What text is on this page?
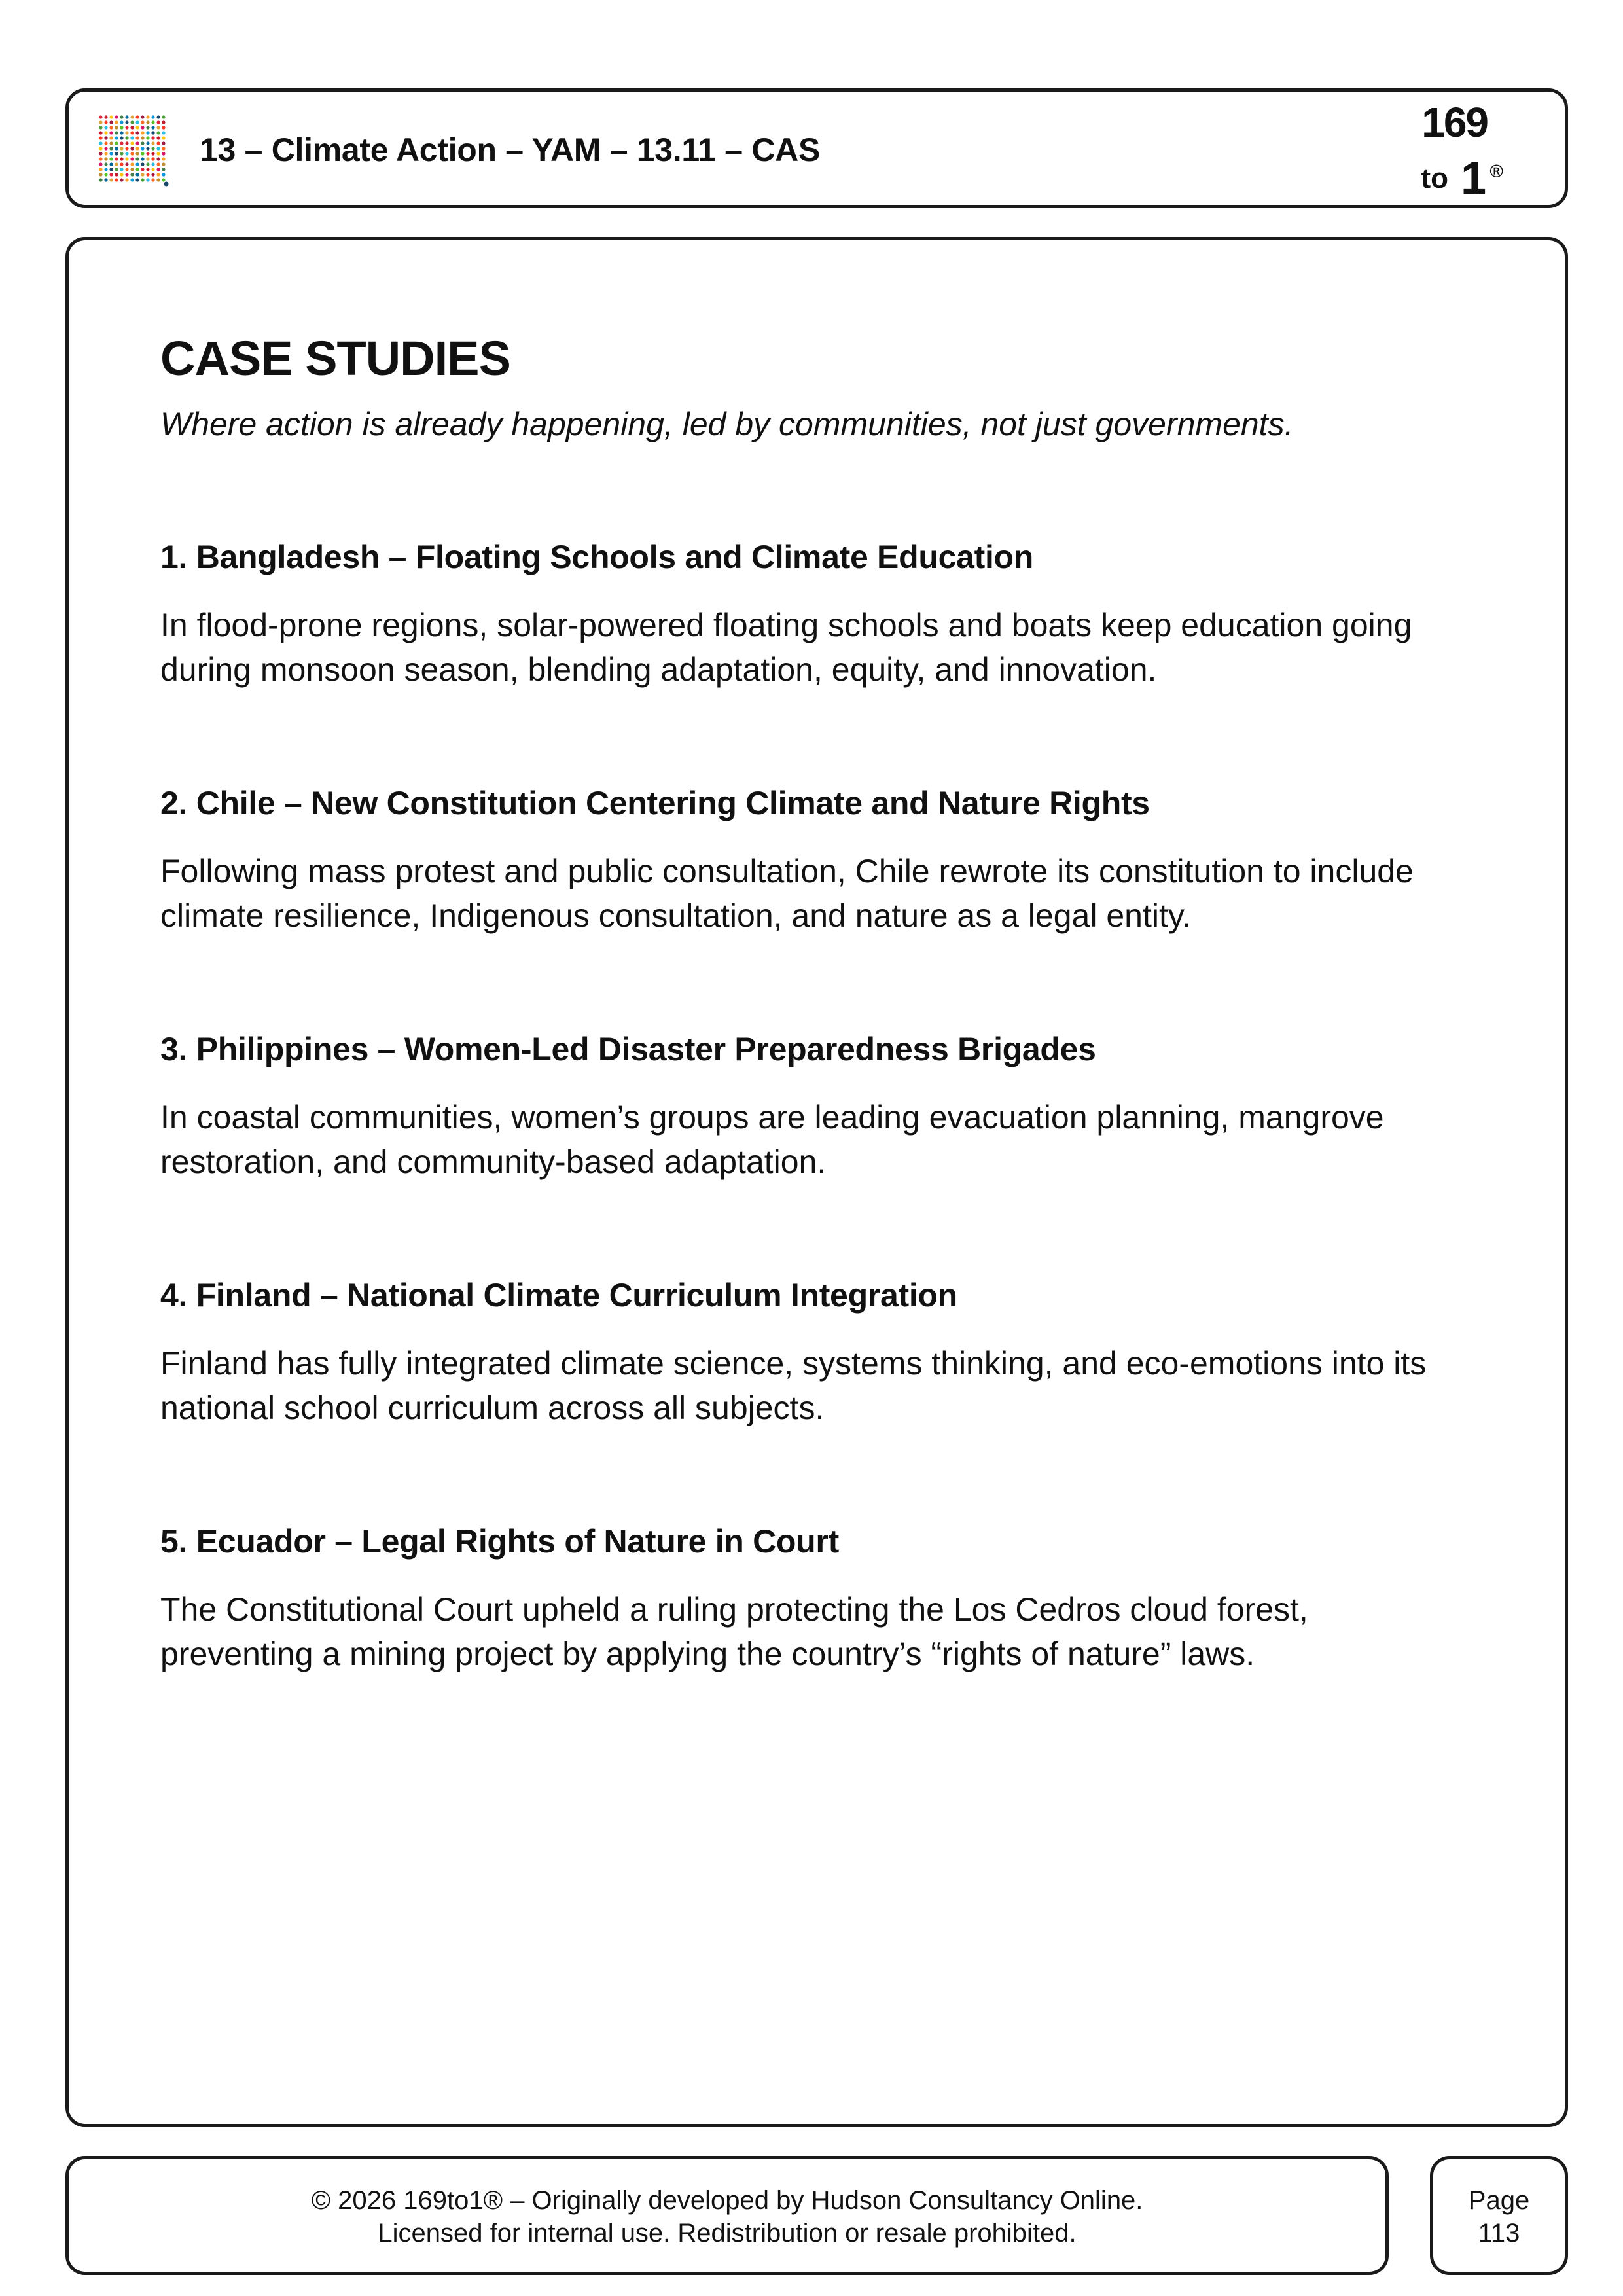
13 – Climate Action – YAM – 13.11 – CAS
169
to 1 ®
CASE STUDIES

Where action is already happening, led by communities, not just governments.

1. Bangladesh – Floating Schools and Climate Education

In flood-prone regions, solar-powered floating schools and boats keep education going during monsoon season, blending adaptation, equity, and innovation.

2. Chile – New Constitution Centering Climate and Nature Rights

Following mass protest and public consultation, Chile rewrote its constitution to include climate resilience, Indigenous consultation, and nature as a legal entity.

3. Philippines – Women-Led Disaster Preparedness Brigades

In coastal communities, women’s groups are leading evacuation planning, mangrove restoration, and community-based adaptation.

4. Finland – National Climate Curriculum Integration

Finland has fully integrated climate science, systems thinking, and eco-emotions into its national school curriculum across all subjects.

5. Ecuador – Legal Rights of Nature in Court

The Constitutional Court upheld a ruling protecting the Los Cedros cloud forest, preventing a mining project by applying the country’s “rights of nature” laws.

© 2026 169to1® – Originally developed by Hudson Consultancy Online.
Licensed for internal use. Redistribution or resale prohibited.
Page
113
